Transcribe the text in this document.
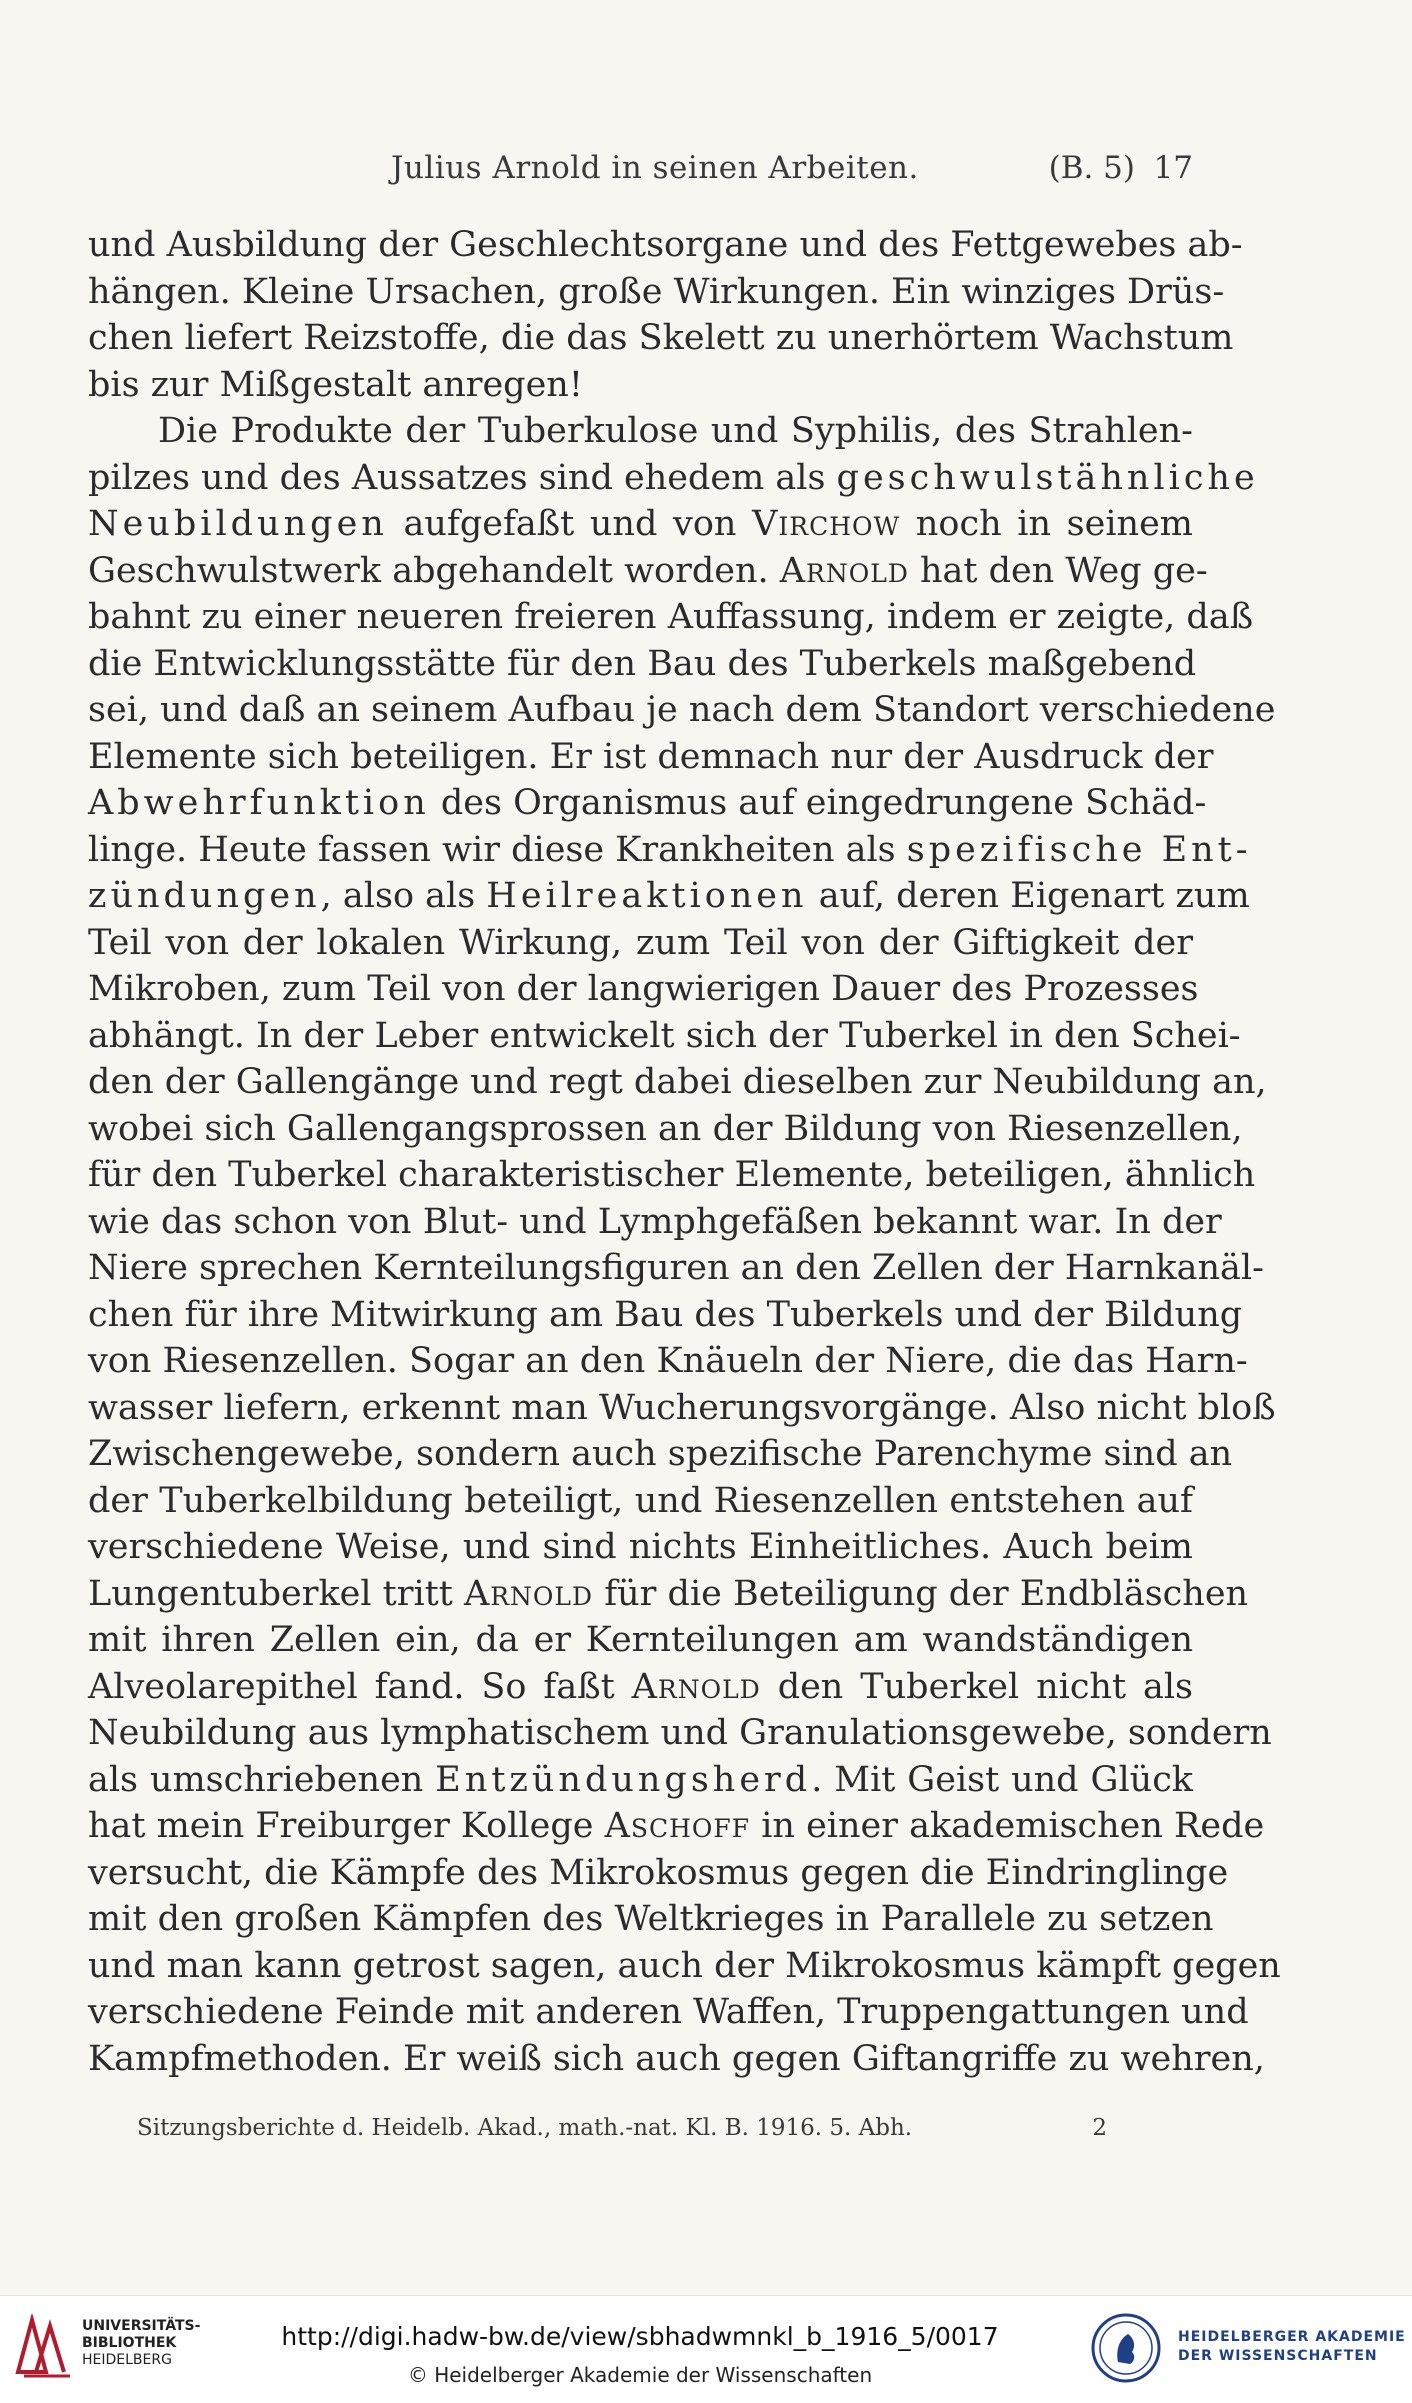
Julius Arnold in seinen Arbeiten.	(B. 5) 17
und Ausbildung der Geschlechtsorgane und des Fettgewebes ab-
hängen. Kleine Ursachen, große Wirkungen. Ein winziges Drüs-
chen liefert Reizstoffe, die das Skelett zu unerhörtem Wachstum
bis zur Mißgestalt anregen!
Die Produkte der Tuberkulose und Syphilis, des Strahlen-
pilzes und des Aussatzes sind ehedem als geschwulstähnliche
Neubildungen aufgefaßt und von Virchow noch in seinem
Geschwulstwerk abgehandelt worden. Arnold hat den Weg ge-
bahnt zu einer neueren freieren Auffassung, indem er zeigte, daß
die Entwicklungsstätte für den Bau des Tuberkels maßgebend
sei, und daß an seinem Aufbau je nach dem Standort verschiedene
Elemente sich beteiligen. Er ist demnach nur der Ausdruck der
Abwehrfunktion des Organismus auf eingedrungene Schäd-
linge. Heute fassen wir diese Krankheiten als spezifische Ent-
zündungen, also als Heilreaktionen auf, deren Eigenart zum
Teil von der lokalen Wirkung, zum Teil von der Giftigkeit der
Mikroben, zum Teil von der langwierigen Dauer des Prozesses
abhängt. In der Leber entwickelt sich der Tuberkel in den Schei-
den der Gallengänge und regt dabei dieselben zur Neubildung an,
wobei sich Gallengangsprossen an der Bildung von Riesenzellen,
für den Tuberkel charakteristischer Elemente, beteiligen, ähnlich
wie das schon von Blut- und Lymphgefäßen bekannt war. In der
Niere sprechen Kernteilungsfiguren an den Zellen der Harnkanäl-
chen für ihre Mitwirkung am Bau des Tuberkels und der Bildung
von Riesenzellen. Sogar an den Knäueln der Niere, die das Harn-
wasser liefern, erkennt man Wucherungsvorgänge. Also nicht bloß
Zwischengewebe, sondern auch spezifische Parenchyme sind an
der Tuberkelbildung beteiligt, und Riesenzellen entstehen auf
verschiedene Weise, und sind nichts Einheitliches. Auch beim
Lungentuberkel tritt Arnold für die Beteiligung der Endbläschen
mit ihren Zellen ein, da er Kernteilungen am wandständigen
Alveolarepithel fand. So faßt Arnold den Tuberkel nicht als
Neubildung aus lymphatischem und Granulationsgewebe, sondern
als umschriebenen Entzündungsherd. Mit Geist und Glück
hat mein Freiburger Kollege Aschoff in einer akademischen Rede
versucht, die Kämpfe des Mikrokosmus gegen die Eindringlinge
mit den großen Kämpfen des Weltkrieges in Parallele zu setzen
und man kann getrost sagen, auch der Mikrokosmus kämpft gegen
verschiedene Feinde mit anderen Waffen, Truppengattungen und
Kampfmethoden. Er weiß sich auch gegen Giftangriffe zu wehren,
Sitzungsberichte d. Heidelb. Akad., math.-nat. Kl. B. 1916. 5. Abh.	2
UNIVERSITÄTS-
BIBLIOTHEK
HEIDELBERG
http://digi.hadw-bw.de/view/sbhadwmnkl_b_1916_5/0017
© Heidelberger Akademie der Wissenschaften
HEIDELBERGER AKADEMIE
DER WISSENSCHAFTEN
